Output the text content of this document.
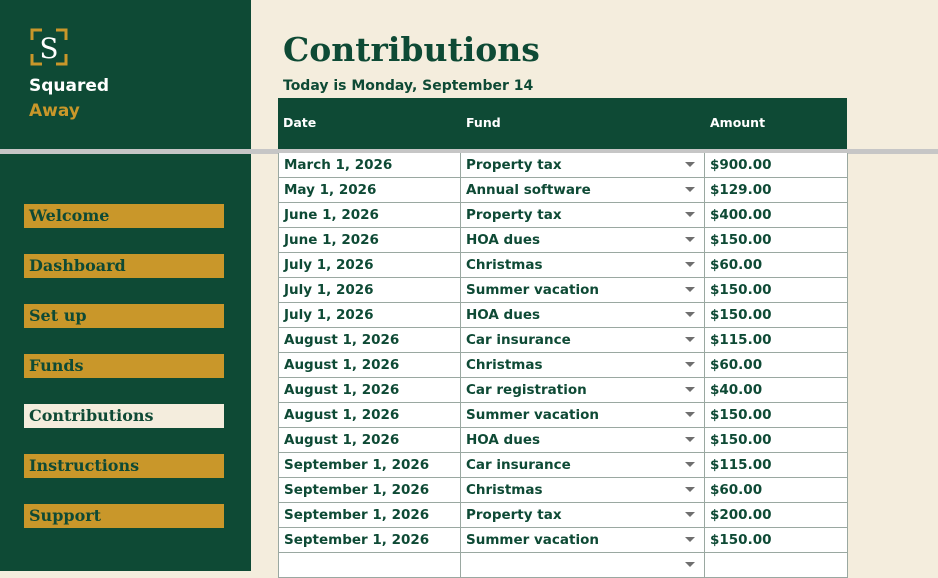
S
Squared
Away
Welcome
Dashboard
Set up
Funds
Contributions
Instructions
Support
Contributions
Today is Monday, September 14
Date	Fund	Amount
March 1, 2026	Property tax	$900.00
May 1, 2026	Annual software	$129.00
June 1, 2026	Property tax	$400.00
June 1, 2026	HOA dues	$150.00
July 1, 2026	Christmas	$60.00
July 1, 2026	Summer vacation	$150.00
July 1, 2026	HOA dues	$150.00
August 1, 2026	Car insurance	$115.00
August 1, 2026	Christmas	$60.00
August 1, 2026	Car registration	$40.00
August 1, 2026	Summer vacation	$150.00
August 1, 2026	HOA dues	$150.00
September 1, 2026	Car insurance	$115.00
September 1, 2026	Christmas	$60.00
September 1, 2026	Property tax	$200.00
September 1, 2026	Summer vacation	$150.00
